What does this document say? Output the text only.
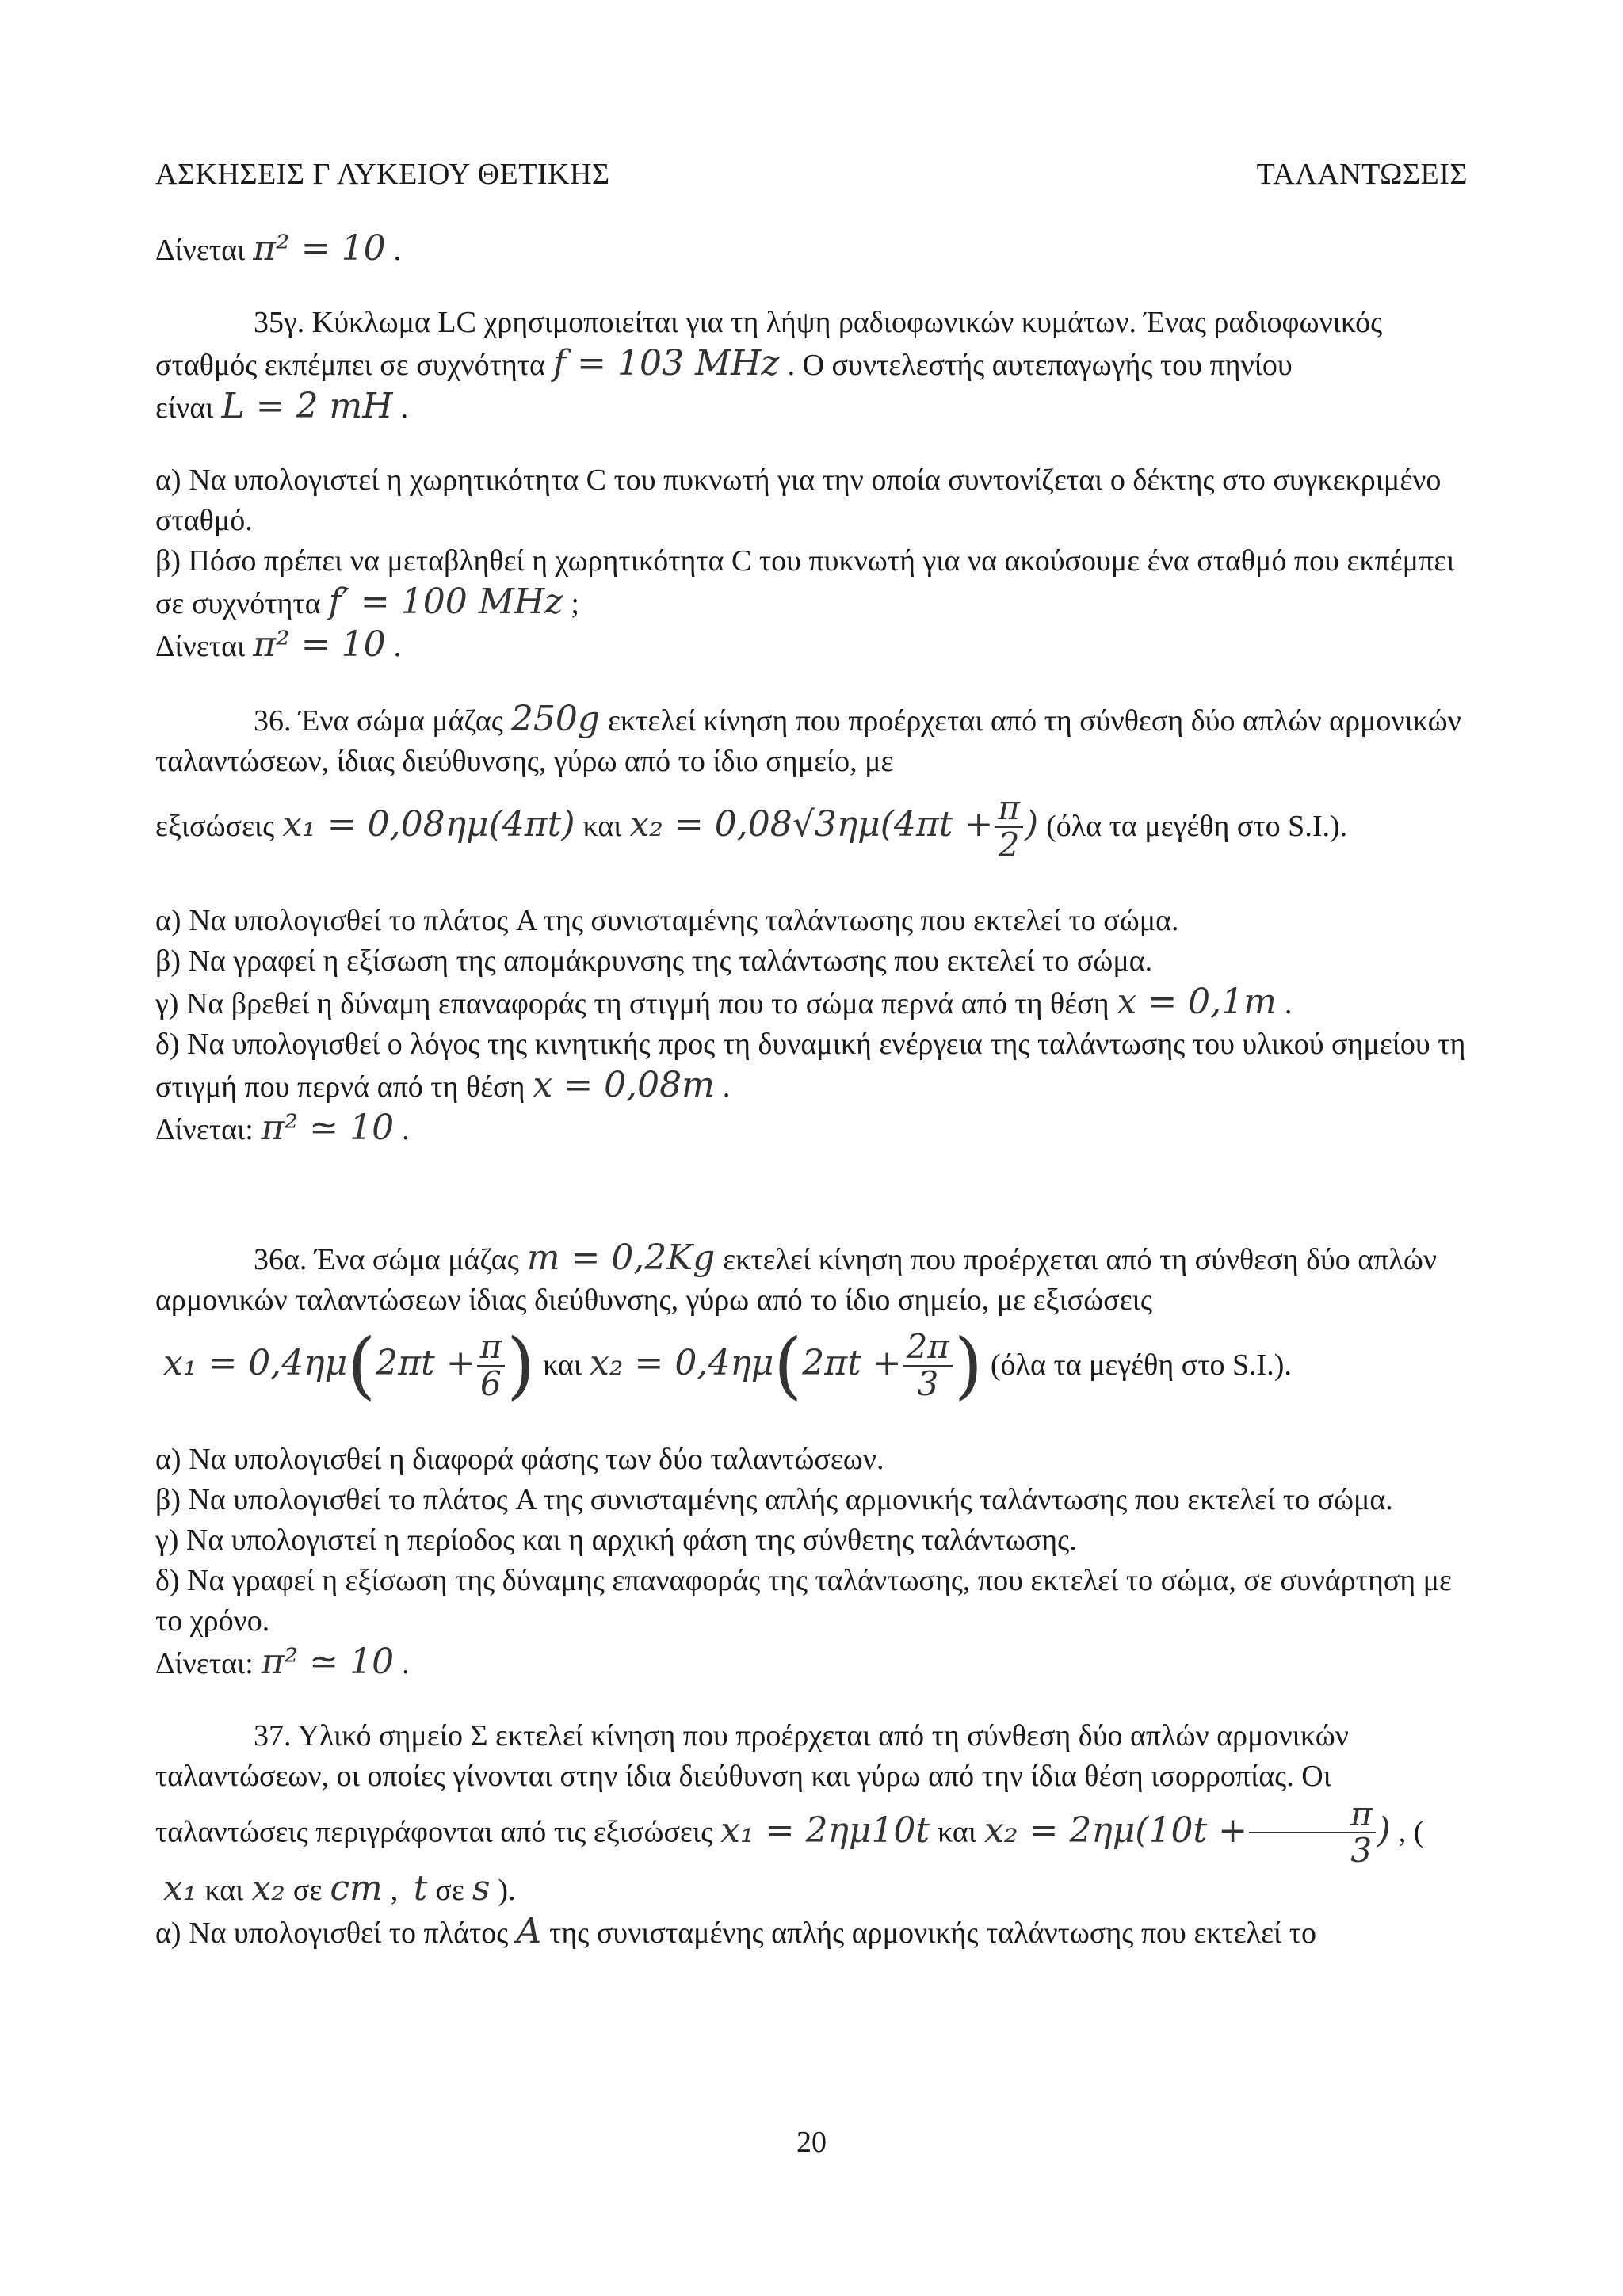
ΑΣΚΗΣΕΙΣ Γ ΛΥΚΕΙΟΥ ΘΕΤΙΚΗΣ	ΤΑΛΑΝΤΩΣΕΙΣ

Δίνεται π² = 10 .

35γ. Κύκλωμα LC χρησιμοποιείται για τη λήψη ραδιοφωνικών κυμάτων. Ένας ραδιοφωνικός σταθμός εκπέμπει σε συχνότητα f = 103 MHz . Ο συντελεστής αυτεπαγωγής του πηνίου είναι L = 2 mH .

α) Να υπολογιστεί η χωρητικότητα C του πυκνωτή για την οποία συντονίζεται ο δέκτης στο συγκεκριμένο σταθμό.

β) Πόσο πρέπει να μεταβληθεί η χωρητικότητα C του πυκνωτή για να ακούσουμε ένα σταθμό που εκπέμπει σε συχνότητα f′ = 100 MHz ;

Δίνεται π² = 10 .

36. Ένα σώμα μάζας 250g εκτελεί κίνηση που προέρχεται από τη σύνθεση δύο απλών αρμονικών ταλαντώσεων, ίδιας διεύθυνσης, γύρω από το ίδιο σημείο, με

εξισώσεις x₁ = 0,08ημ(4πt) και $x_2 = 0,08√3\eta\mu(4\pi t + \frac{\pi}{2}$ ) (όλα τα μεγέθη στο S.I.).

α) Να υπολογισθεί το πλάτος A της συνισταμένης ταλάντωσης που εκτελεί το σώμα.

β) Να γραφεί η εξίσωση της απομάκρυνσης της ταλάντωσης που εκτελεί το σώμα.

γ) Να βρεθεί η δύναμη επαναφοράς τη στιγμή που το σώμα περνά από τη θέση x = 0,1m .

δ) Να υπολογισθεί ο λόγος της κινητικής προς τη δυναμική ενέργεια της ταλάντωσης του υλικού σημείου τη στιγμή που περνά από τη θέση x = 0,08m .

Δίνεται: π² ≃ 10 .

36α. Ένα σώμα μάζας m = 0,2Kg εκτελεί κίνηση που προέρχεται από τη σύνθεση δύο απλών αρμονικών ταλαντώσεων ίδιας διεύθυνσης, γύρω από το ίδιο σημείο, με εξισώσεις

$x_1 = 0,4\eta\mu(2\pi t + \frac{\pi}{6}$ ) και $x_2 = 0,4\eta\mu(2\pi t + \frac{2\pi}{3}$ ) (όλα τα μεγέθη στο S.I.).

α) Να υπολογισθεί η διαφορά φάσης των δύο ταλαντώσεων.

β) Να υπολογισθεί το πλάτος A της συνισταμένης απλής αρμονικής ταλάντωσης που εκτελεί το σώμα.

γ) Να υπολογιστεί η περίοδος και η αρχική φάση της σύνθετης ταλάντωσης.

δ) Να γραφεί η εξίσωση της δύναμης επαναφοράς της ταλάντωσης, που εκτελεί το σώμα, σε συνάρτηση με το χρόνο.

Δίνεται: π² ≃ 10 .

37. Υλικό σημείο Σ εκτελεί κίνηση που προέρχεται από τη σύνθεση δύο απλών αρμονικών ταλαντώσεων, οι οποίες γίνονται στην ίδια διεύθυνση και γύρω από την ίδια θέση ισορροπίας. Οι ταλαντώσεις περιγράφονται από τις εξισώσεις x₁ = 2ημ10t και $x_2 = 2\eta\mu(10t + \frac{\pi}{3}$ ) , (

x₁ και x₂ σε cm , t σε s ).

α) Να υπολογισθεί το πλάτος A της συνισταμένης απλής αρμονικής ταλάντωσης που εκτελεί το

20
